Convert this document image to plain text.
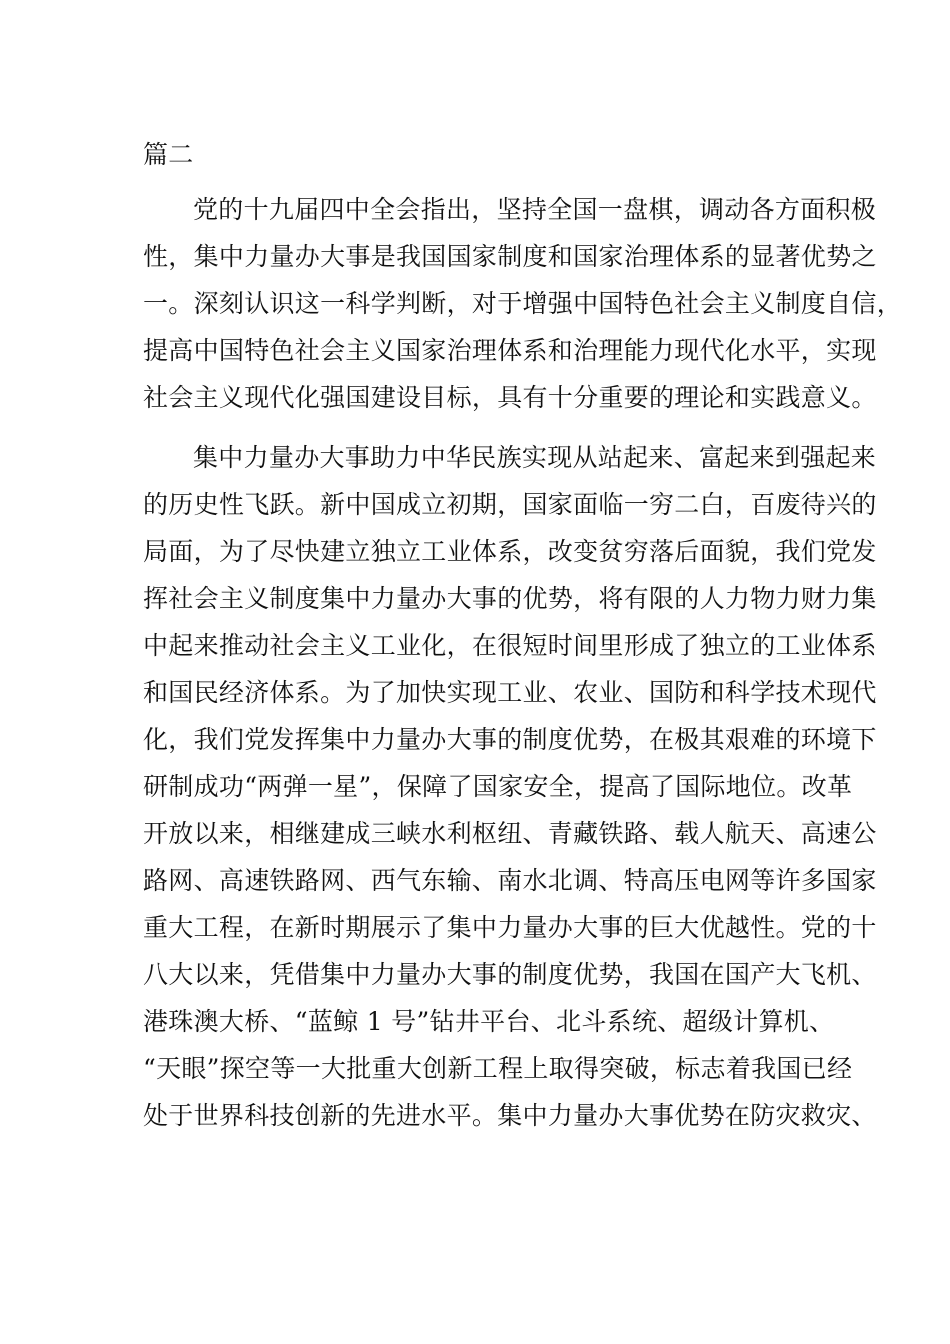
篇二
党的十九届四中全会指出，坚持全国一盘棋，调动各方面积极
性，集中力量办大事是我国国家制度和国家治理体系的显著优势之
一。深刻认识这一科学判断，对于增强中国特色社会主义制度自信，
提高中国特色社会主义国家治理体系和治理能力现代化水平，实现
社会主义现代化强国建设目标，具有十分重要的理论和实践意义。
集中力量办大事助力中华民族实现从站起来、富起来到强起来
的历史性飞跃。新中国成立初期，国家面临一穷二白，百废待兴的
局面，为了尽快建立独立工业体系，改变贫穷落后面貌，我们党发
挥社会主义制度集中力量办大事的优势，将有限的人力物力财力集
中起来推动社会主义工业化，在很短时间里形成了独立的工业体系
和国民经济体系。为了加快实现工业、农业、国防和科学技术现代
化，我们党发挥集中力量办大事的制度优势，在极其艰难的环境下
研制成功“两弹一星”，保障了国家安全，提高了国际地位。改革
开放以来，相继建成三峡水利枢纽、青藏铁路、载人航天、高速公
路网、高速铁路网、西气东输、南水北调、特高压电网等许多国家
重大工程，在新时期展示了集中力量办大事的巨大优越性。党的十
八大以来，凭借集中力量办大事的制度优势，我国在国产大飞机、
港珠澳大桥、“蓝鲸 1 号”钻井平台、北斗系统、超级计算机、
“天眼”探空等一大批重大创新工程上取得突破，标志着我国已经
处于世界科技创新的先进水平。集中力量办大事优势在防灾救灾、
